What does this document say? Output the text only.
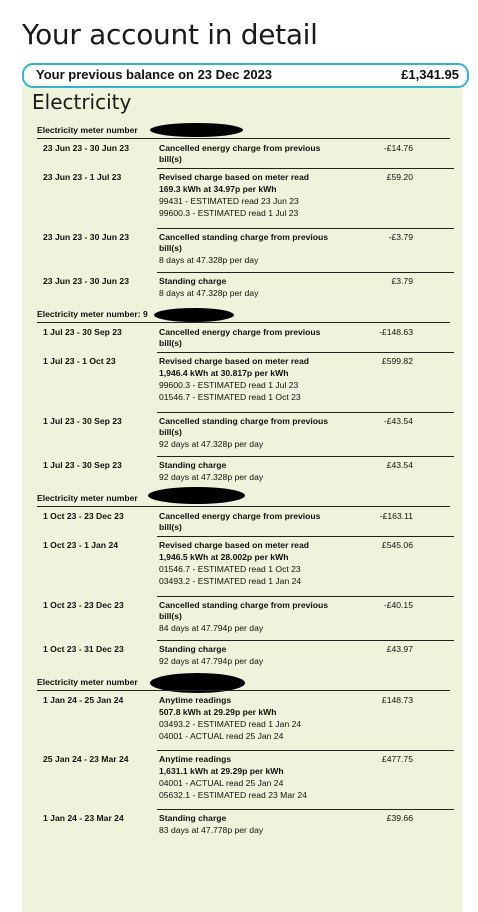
Your account in detail
Your previous balance on 23 Dec 2023	£1,341.95
Electricity
Electricity meter number
23 Jun 23 - 30 Jun 23	Cancelled energy charge from previous
bill(s)
-£14.76
23 Jun 23 - 1 Jul 23	Revised charge based on meter read
169.3 kWh at 34.97p per kWh
99431 - ESTIMATED read 23 Jun 23
99600.3 - ESTIMATED read 1 Jul 23
£59.20
23 Jun 23 - 30 Jun 23	Cancelled standing charge from previous
bill(s)
8 days at 47.328p per day
-£3.79
23 Jun 23 - 30 Jun 23	Standing charge
8 days at 47.328p per day
£3.79
Electricity meter number: 9
1 Jul 23 - 30 Sep 23	Cancelled energy charge from previous
bill(s)
-£148.63
1 Jul 23 - 1 Oct 23	Revised charge based on meter read
1,946.4 kWh at 30.817p per kWh
99600.3 - ESTIMATED read 1 Jul 23
01546.7 - ESTIMATED read 1 Oct 23
£599.82
1 Jul 23 - 30 Sep 23	Cancelled standing charge from previous
bill(s)
92 days at 47.328p per day
-£43.54
1 Jul 23 - 30 Sep 23	Standing charge
92 days at 47.328p per day
£43.54
Electricity meter number
1 Oct 23 - 23 Dec 23	Cancelled energy charge from previous
bill(s)
-£163.11
1 Oct 23 - 1 Jan 24	Revised charge based on meter read
1,946.5 kWh at 28.002p per kWh
01546.7 - ESTIMATED read 1 Oct 23
03493.2 - ESTIMATED read 1 Jan 24
£545.06
1 Oct 23 - 23 Dec 23	Cancelled standing charge from previous
bill(s)
84 days at 47.794p per day
-£40.15
1 Oct 23 - 31 Dec 23	Standing charge
92 days at 47.794p per day
£43.97
Electricity meter number
1 Jan 24 - 25 Jan 24	Anytime readings
507.8 kWh at 29.29p per kWh
03493.2 - ESTIMATED read 1 Jan 24
04001 - ACTUAL read 25 Jan 24
£148.73
25 Jan 24 - 23 Mar 24	Anytime readings
1,631.1 kWh at 29.29p per kWh
04001 - ACTUAL read 25 Jan 24
05632.1 - ESTIMATED read 23 Mar 24
£477.75
1 Jan 24 - 23 Mar 24	Standing charge
83 days at 47.778p per day
£39.66
